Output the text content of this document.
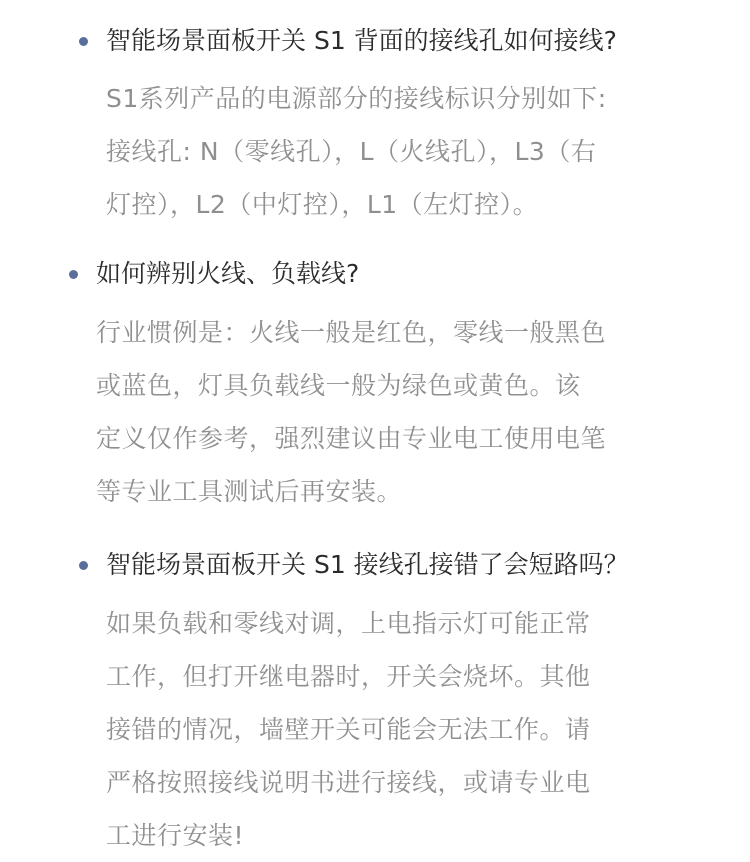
智能场景面板开关 S1 背面的接线孔如何接线?
S1系列产品的电源部分的接线标识分别如下:
接线孔: N（零线孔），L（火线孔），L3（右
灯控），L2（中灯控），L1（左灯控）。
如何辨别火线、负载线?
行业惯例是：火线一般是红色，零线一般黑色
或蓝色，灯具负载线一般为绿色或黄色。该
定义仅作参考，强烈建议由专业电工使用电笔
等专业工具测试后再安装。
智能场景面板开关 S1 接线孔接错了会短路吗？
如果负载和零线对调，上电指示灯可能正常
工作，但打开继电器时，开关会烧坏。其他
接错的情况，墙壁开关可能会无法工作。请
严格按照接线说明书进行接线，或请专业电
工进行安装!
